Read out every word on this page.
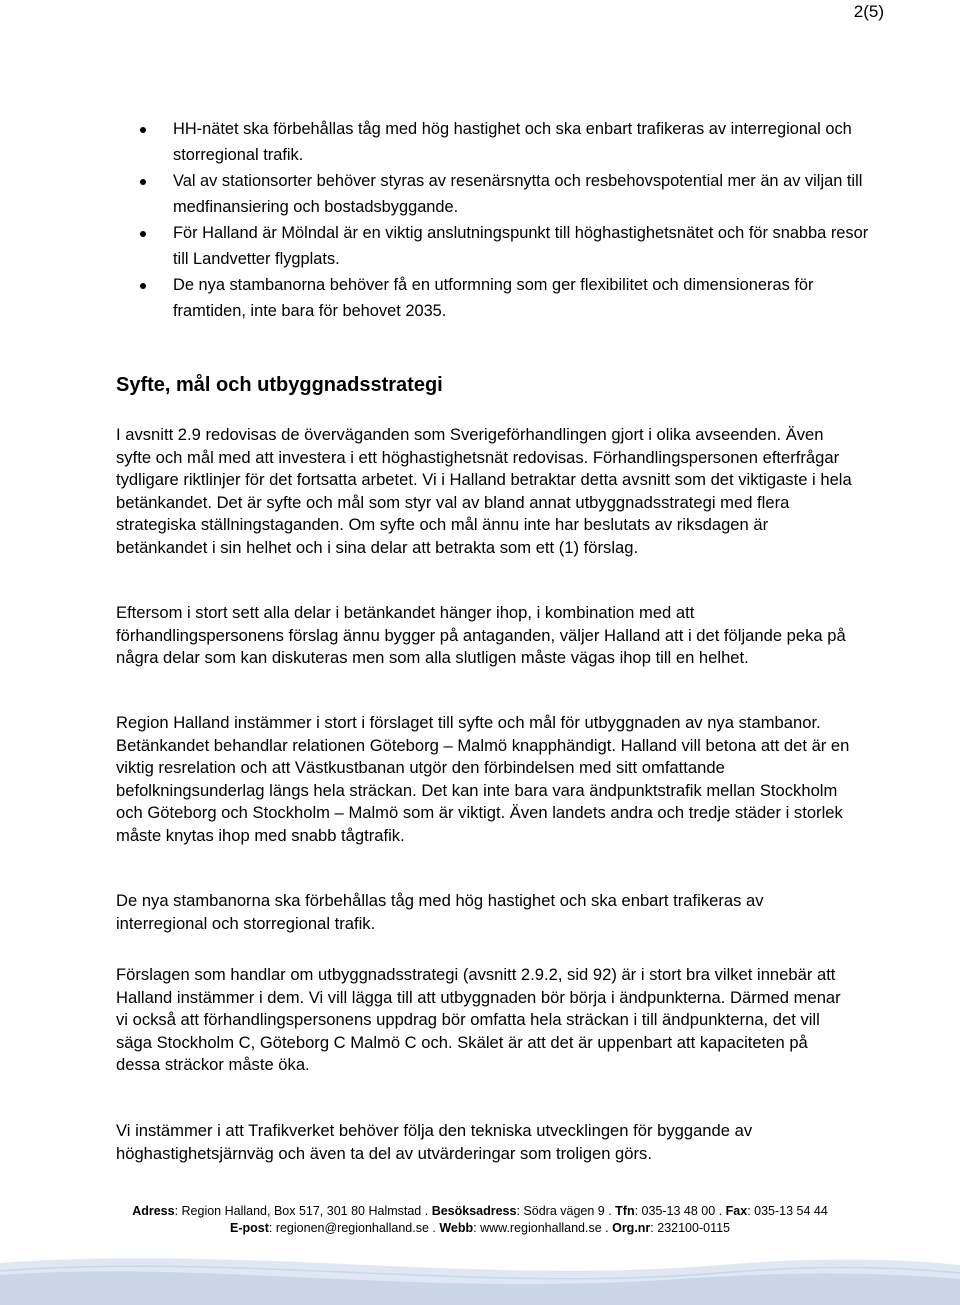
2(5)
HH-nätet ska förbehållas tåg med hög hastighet och ska enbart trafikeras av interregional och storregional trafik.
Val av stationsorter behöver styras av resenärsnytta och resbehovspotential mer än av viljan till medfinansiering och bostadsbyggande.
För Halland är Mölndal är en viktig anslutningspunkt till höghastighetsnätet och för snabba resor till Landvetter flygplats.
De nya stambanorna behöver få en utformning som ger flexibilitet och dimensioneras för framtiden, inte bara för behovet 2035.
Syfte, mål och utbyggnadsstrategi

I avsnitt 2.9 redovisas de överväganden som Sverigeförhandlingen gjort i olika avseenden. Även syfte och mål med att investera i ett höghastighetsnät redovisas. Förhandlingspersonen efterfrågar tydligare riktlinjer för det fortsatta arbetet. Vi i Halland betraktar detta avsnitt som det viktigaste i hela betänkandet. Det är syfte och mål som styr val av bland annat utbyggnadsstrategi med flera strategiska ställningstaganden. Om syfte och mål ännu inte har beslutats av riksdagen är betänkandet i sin helhet och i sina delar att betrakta som ett (1) förslag.

Eftersom i stort sett alla delar i betänkandet hänger ihop, i kombination med att förhandlingspersonens förslag ännu bygger på antaganden, väljer Halland att i det följande peka på några delar som kan diskuteras men som alla slutligen måste vägas ihop till en helhet.

Region Halland instämmer i stort i förslaget till syfte och mål för utbyggnaden av nya stambanor. Betänkandet behandlar relationen Göteborg – Malmö knapphändigt. Halland vill betona att det är en viktig resrelation och att Västkustbanan utgör den förbindelsen med sitt omfattande befolkningsunderlag längs hela sträckan. Det kan inte bara vara ändpunktstrafik mellan Stockholm och Göteborg och Stockholm – Malmö som är viktigt. Även landets andra och tredje städer i storlek måste knytas ihop med snabb tågtrafik.

De nya stambanorna ska förbehållas tåg med hög hastighet och ska enbart trafikeras av interregional och storregional trafik.

Förslagen som handlar om utbyggnadsstrategi (avsnitt 2.9.2, sid 92) är i stort bra vilket innebär att Halland instämmer i dem. Vi vill lägga till att utbyggnaden bör börja i ändpunkterna. Därmed menar vi också att förhandlingspersonens uppdrag bör omfatta hela sträckan i till ändpunkterna, det vill säga Stockholm C, Göteborg C Malmö C och. Skälet är att det är uppenbart att kapaciteten på dessa sträckor måste öka.

Vi instämmer i att Trafikverket behöver följa den tekniska utvecklingen för byggande av höghastighetsjärnväg och även ta del av utvärderingar som troligen görs.

Adress: Region Halland, Box 517, 301 80 Halmstad . Besöksadress: Södra vägen 9 . Tfn: 035-13 48 00 . Fax: 035-13 54 44
E-post: regionen@regionhalland.se . Webb: www.regionhalland.se . Org.nr: 232100-0115
